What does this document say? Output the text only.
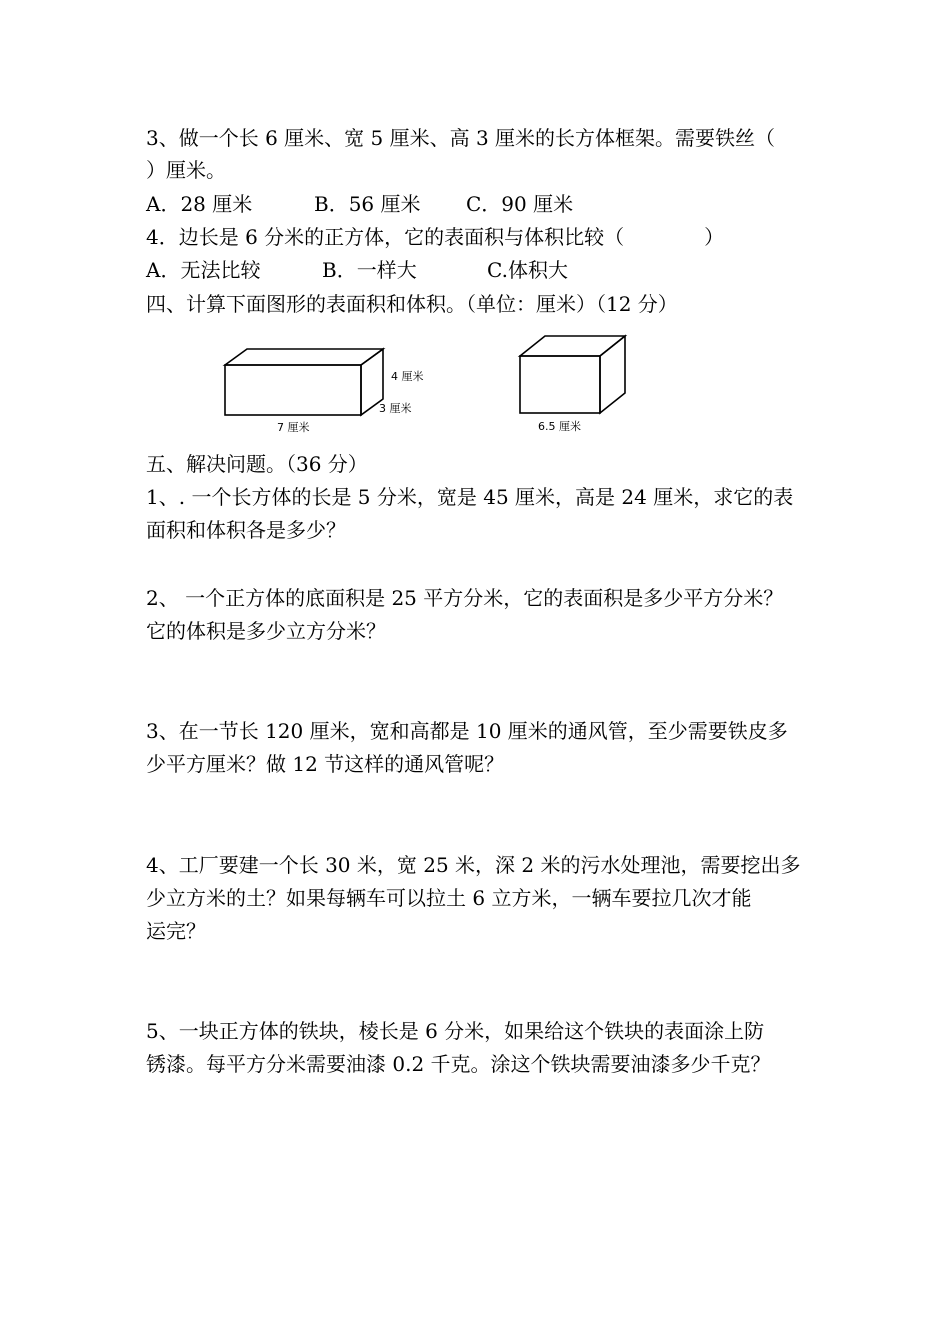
3、做一个长 6 厘米、宽 5 厘米、高 3 厘米的长方体框架。需要铁丝（
）厘米。
A．28 厘米	B．56 厘米 C．90 厘米
4．边长是 6 分米的正方体，它的表面积与体积比较（　　　　）
A．无法比较	B．一样大	C.体积大
四、计算下面图形的表面积和体积。（单位：厘米）（12 分）
4 厘米
3 厘米
7 厘米	6.5 厘米
五、解决问题。（36 分）
1、. 一个长方体的长是 5 分米，宽是 45 厘米，高是 24 厘米，求它的表
面积和体积各是多少？
2、 一个正方体的底面积是 25 平方分米，它的表面积是多少平方分米？
它的体积是多少立方分米？
3、在一节长 120 厘米，宽和高都是 10 厘米的通风管，至少需要铁皮多
少平方厘米？做 12 节这样的通风管呢？
4、工厂要建一个长 30 米，宽 25 米，深 2 米的污水处理池，需要挖出多
少立方米的土？如果每辆车可以拉土 6 立方米，一辆车要拉几次才能
运完？
5、一块正方体的铁块，棱长是 6 分米，如果给这个铁块的表面涂上防
锈漆。每平方分米需要油漆 0.2 千克。涂这个铁块需要油漆多少千克？
